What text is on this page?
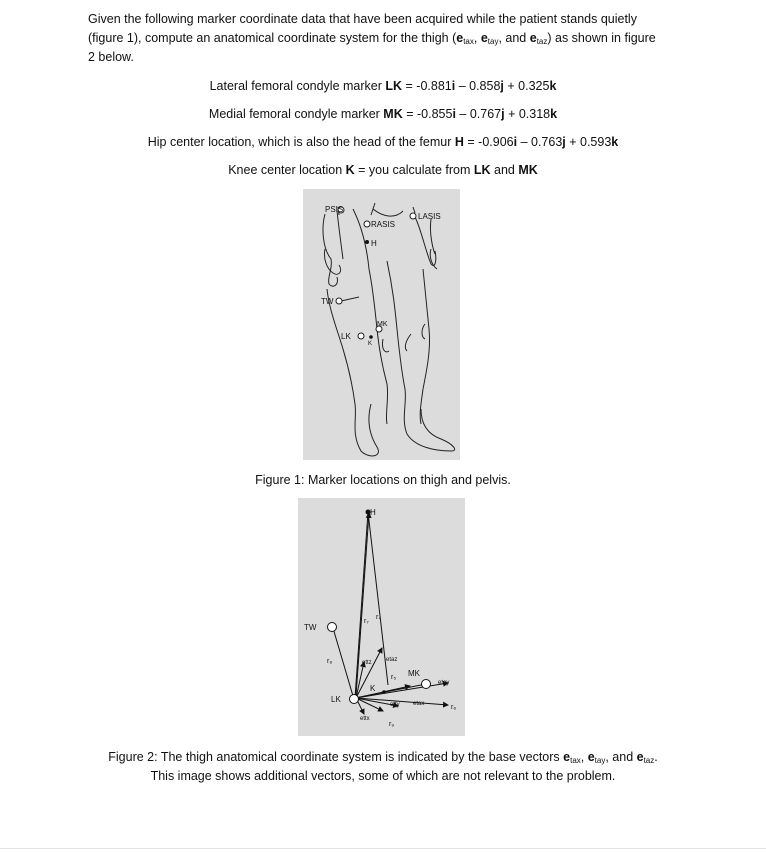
Given the following marker coordinate data that have been acquired while the patient stands quietly
(figure 1), compute an anatomical coordinate system for the thigh ($e_{tax}$, $e_{tay}$, and $e_{taz}$) as shown in figure
2 below.
Lateral femoral condyle marker LK = -0.881i – 0.858j + 0.325k
Medial femoral condyle marker MK = -0.855i – 0.767j + 0.318k
Hip center location, which is also the head of the femur H = -0.906i – 0.763j + 0.593k
Knee center location K = you calculate from LK and MK
PSIS
RASIS
LASIS
H
TW
MK
LK
K
Figure 1: Marker locations on thigh and pelvis.
H
TW
LK
K
MK
r₇
r₄
r₈
r₅
r₆
r₉
ettz etaz
etay
etty etax
ettx
Figure 2: The thigh anatomical coordinate system is indicated by the base vectors $e_{tax}$, $e_{tay}$, and $e_{taz}$.
This image shows additional vectors, some of which are not relevant to the problem.
